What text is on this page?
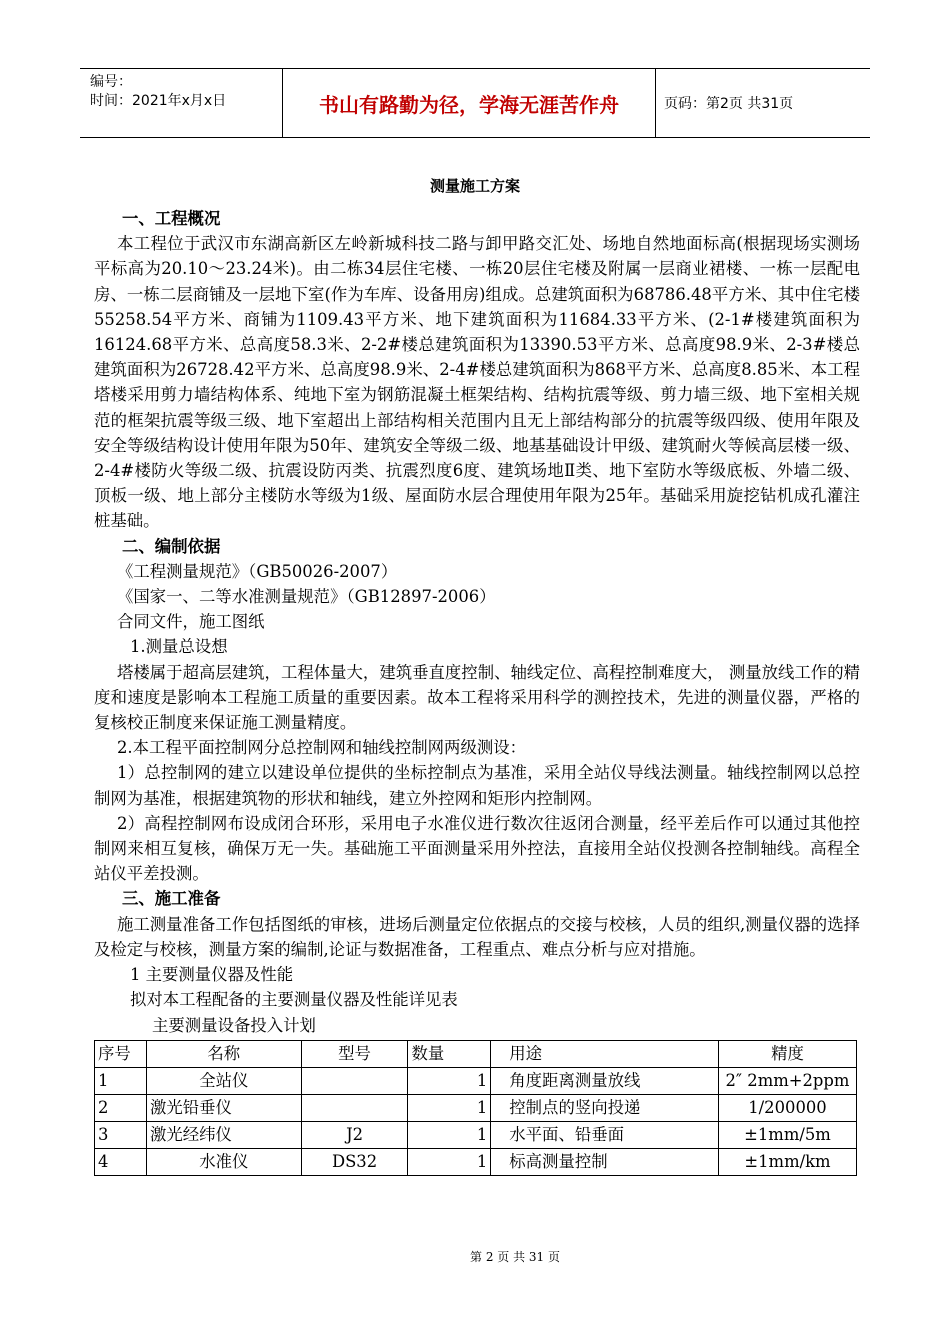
编号：
时间：2021年x月x日	书山有路勤为径，学海无涯苦作舟	页码：第2页 共31页
测量施工方案

一、工程概况

本工程位于武汉市东湖高新区左岭新城科技二路与卸甲路交汇处、场地自然地面标高(根据现场实测场平标高为20.10～23.24米)。由二栋34层住宅楼、一栋20层住宅楼及附属一层商业裙楼、一栋一层配电房、一栋二层商铺及一层地下室(作为车库、设备用房)组成。总建筑面积为68786.48平方米、其中住宅楼55258.54平方米、商铺为1109.43平方米、地下建筑面积为11684.33平方米、(2-1#楼建筑面积为16124.68平方米、总高度58.3米、2-2#楼总建筑面积为13390.53平方米、总高度98.9米、2-3#楼总建筑面积为26728.42平方米、总高度98.9米、2-4#楼总建筑面积为868平方米、总高度8.85米、本工程塔楼采用剪力墙结构体系、纯地下室为钢筋混凝土框架结构、结构抗震等级、剪力墙三级、地下室相关规范的框架抗震等级三级、地下室超出上部结构相关范围内且无上部结构部分的抗震等级四级、使用年限及安全等级结构设计使用年限为50年、建筑安全等级二级、地基基础设计甲级、建筑耐火等候高层楼一级、2-4#楼防火等级二级、抗震设防丙类、抗震烈度6度、建筑场地Ⅱ类、地下室防水等级底板、外墙二级、顶板一级、地上部分主楼防水等级为1级、屋面防水层合理使用年限为25年。基础采用旋挖钻机成孔灌注桩基础。

二、编制依据

《工程测量规范》（GB50026-2007）

《国家一、二等水准测量规范》（GB12897-2006）

合同文件，施工图纸

1.测量总设想

塔楼属于超高层建筑，工程体量大，建筑垂直度控制、轴线定位、高程控制难度大， 测量放线工作的精度和速度是影响本工程施工质量的重要因素。故本工程将采用科学的测控技术，先进的测量仪器，严格的复核校正制度来保证施工测量精度。

2.本工程平面控制网分总控制网和轴线控制网两级测设：

1）总控制网的建立以建设单位提供的坐标控制点为基准，采用全站仪导线法测量。轴线控制网以总控制网为基准，根据建筑物的形状和轴线，建立外控网和矩形内控制网。

2）高程控制网布设成闭合环形，采用电子水准仪进行数次往返闭合测量，经平差后作可以通过其他控制网来相互复核，确保万无一失。基础施工平面测量采用外控法，直接用全站仪投测各控制轴线。高程全站仪平差投测。

三、施工准备

施工测量准备工作包括图纸的审核，进场后测量定位依据点的交接与校核，人员的组织,测量仪器的选择及检定与校核，测量方案的编制,论证与数据准备，工程重点、难点分析与应对措施。

1 主要测量仪器及性能

拟对本工程配备的主要测量仪器及性能详见表

主要测量设备投入计划

序号	名称	型号	数量	用途	精度
1	全站仪		1	角度距离测量放线	2″ 2mm+2ppm
2	激光铅垂仪		1	控制点的竖向投递	1/200000
3	激光经纬仪	J2	1	水平面、铅垂面	±1mm/5m
4	水准仪	DS32	1	标高测量控制	±1mm/km
第 2 页 共 31 页
